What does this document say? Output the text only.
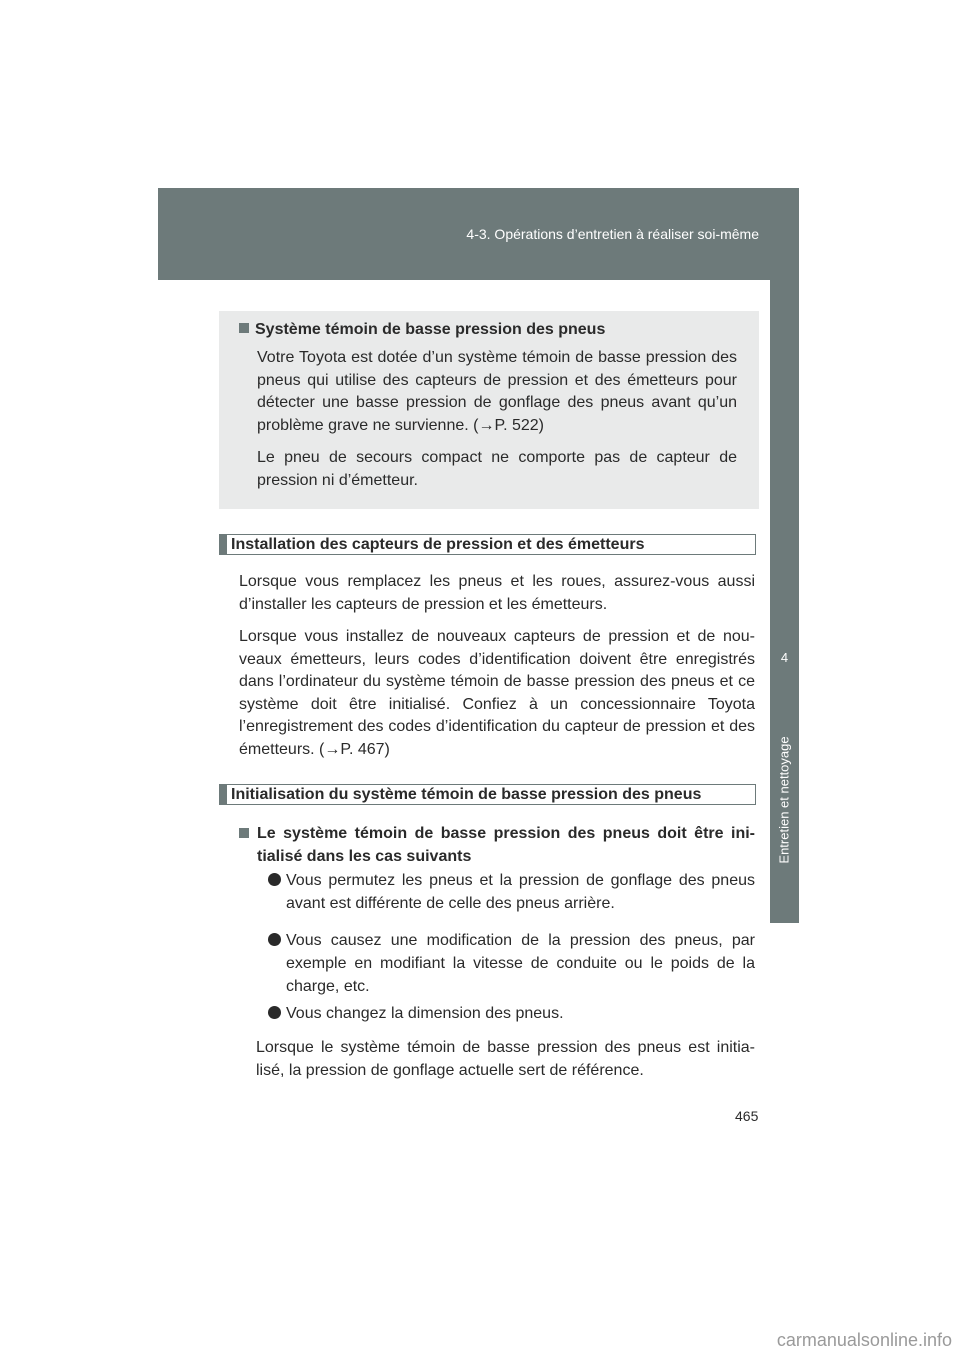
4-3. Opérations d’entretien à réaliser soi-même
4
Entretien et nettoyage
Système témoin de basse pression des pneus
Votre Toyota est dotée d’un système témoin de basse pression des pneus qui utilise des capteurs de pression et des émetteurs pour détecter une basse pression de gonflage des pneus avant qu’un problème grave ne survienne. (→P. 522)
Le pneu de secours compact ne comporte pas de capteur de pression ni d’émetteur.
Installation des capteurs de pression et des émetteurs
Lorsque vous remplacez les pneus et les roues, assurez-vous aussi d’installer les capteurs de pression et les émetteurs.
Lorsque vous installez de nouveaux capteurs de pression et de nou-veaux émetteurs, leurs codes d’identification doivent être enregistrés dans l’ordinateur du système témoin de basse pression des pneus et ce système doit être initialisé. Confiez à un concessionnaire Toyota l’enregistrement des codes d’identification du capteur de pression et des émetteurs. (→P. 467)
Initialisation du système témoin de basse pression des pneus
Le système témoin de basse pression des pneus doit être ini-tialisé dans les cas suivants
Vous permutez les pneus et la pression de gonflage des pneus avant est différente de celle des pneus arrière.
Vous causez une modification de la pression des pneus, par exemple en modifiant la vitesse de conduite ou le poids de la charge, etc.
Vous changez la dimension des pneus.
Lorsque le système témoin de basse pression des pneus est initia-lisé, la pression de gonflage actuelle sert de référence.
465
carmanualsonline.info
